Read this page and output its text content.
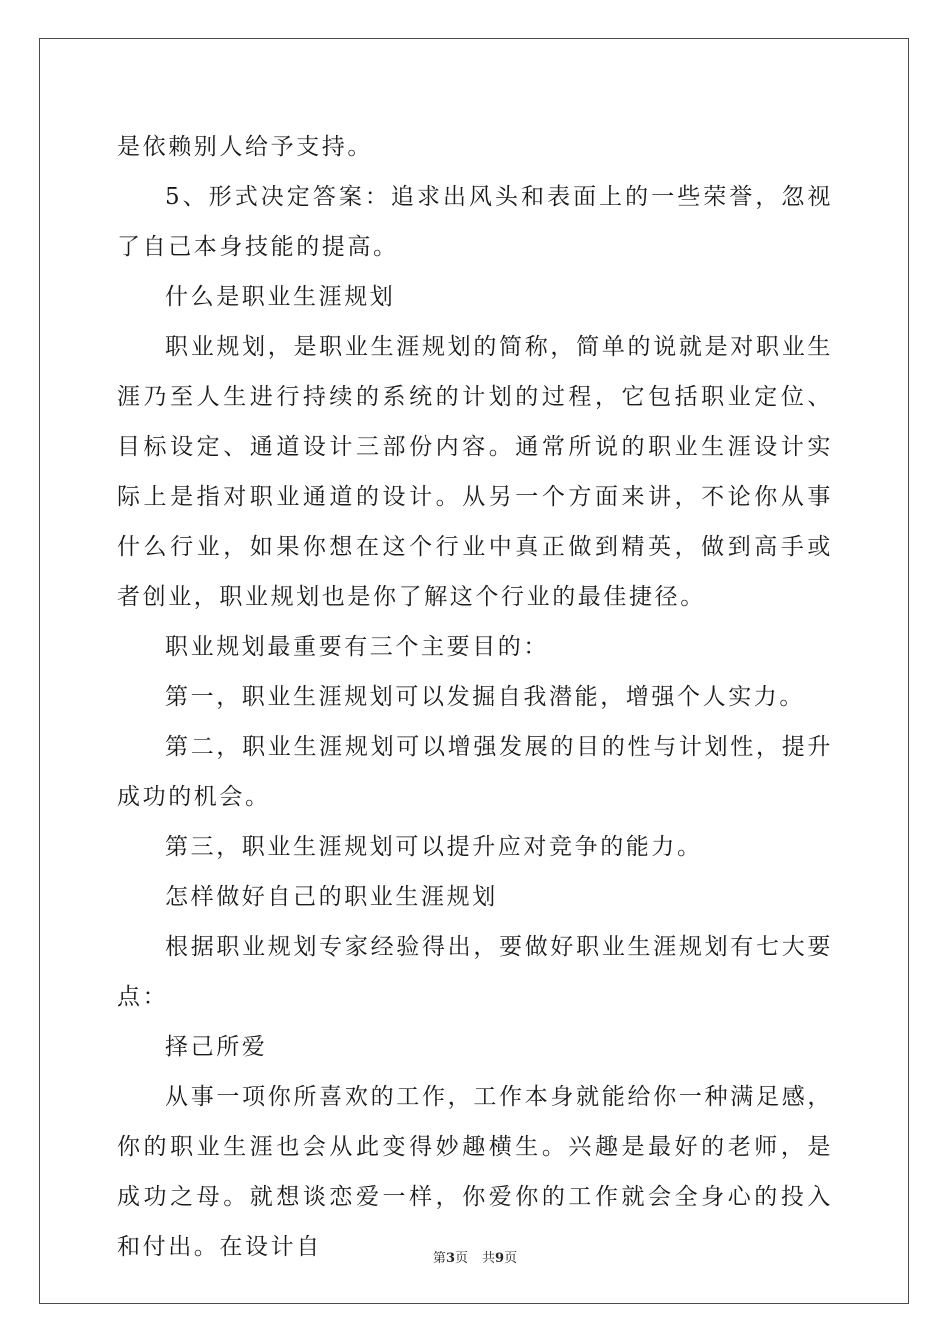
是依赖别人给予支持。

5、形式决定答案：追求出风头和表面上的一些荣誉，忽视了自己本身技能的提高。

什么是职业生涯规划

职业规划，是职业生涯规划的简称，简单的说就是对职业生涯乃至人生进行持续的系统的计划的过程，它包括职业定位、目标设定、通道设计三部份内容。通常所说的职业生涯设计实际上是指对职业通道的设计。从另一个方面来讲，不论你从事什么行业，如果你想在这个行业中真正做到精英，做到高手或者创业，职业规划也是你了解这个行业的最佳捷径。

职业规划最重要有三个主要目的：

第一，职业生涯规划可以发掘自我潜能，增强个人实力。

第二，职业生涯规划可以增强发展的目的性与计划性，提升成功的机会。

第三，职业生涯规划可以提升应对竞争的能力。

怎样做好自己的职业生涯规划

根据职业规划专家经验得出，要做好职业生涯规划有七大要点：

择己所爱

从事一项你所喜欢的工作，工作本身就能给你一种满足感，你的职业生涯也会从此变得妙趣横生。兴趣是最好的老师，是成功之母。就想谈恋爱一样，你爱你的工作就会全身心的投入和付出。在设计自	第3页 共9页
